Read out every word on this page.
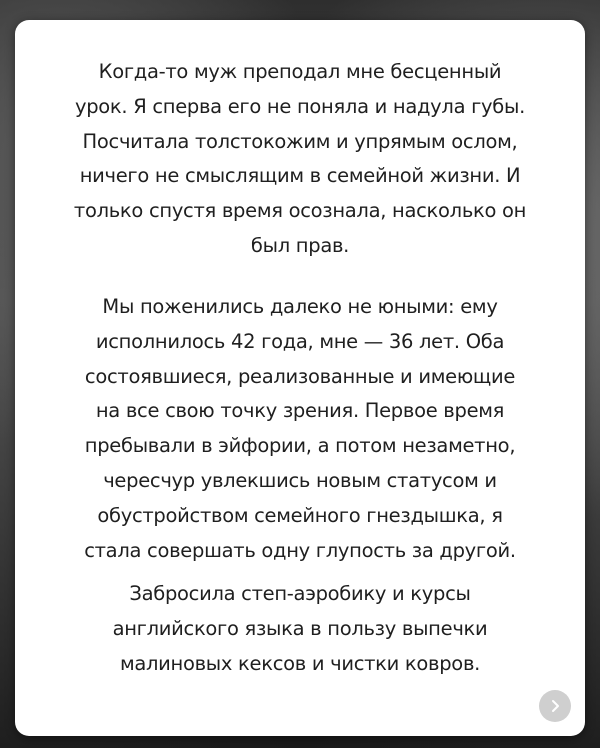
Когда-то муж преподал мне бесценный
урок. Я сперва его не поняла и надула губы.
Посчитала толстокожим и упрямым ослом,
ничего не смыслящим в семейной жизни. И
только спустя время осознала, насколько он
был прав.
Мы поженились далеко не юными: ему
исполнилось 42 года, мне — 36 лет. Оба
состоявшиеся, реализованные и имеющие
на все свою точку зрения. Первое время
пребывали в эйфории, а потом незаметно,
чересчур увлекшись новым статусом и
обустройством семейного гнездышка, я
стала совершать одну глупость за другой.
Забросила степ-аэробику и курсы
английского языка в пользу выпечки
малиновых кексов и чистки ковров.
